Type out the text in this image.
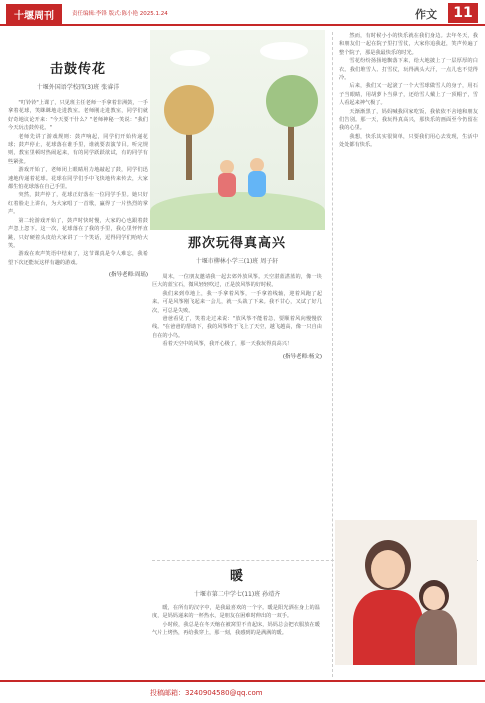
十堰周刊	责任编辑:李锋 版式:陈小艳 2025.1.24	作文	11
击鼓传花
十堰外国语学校四(3)班 张睿洋
"叮铃铃"上课了，只见班主任老师一手拿着非洲鼓，一手拿着花球，笑眯眯地走进教室。老师刚走进教室，同学们就好奇地议论开来："今天要干什么？"老师神秘一笑说："我们今天玩击鼓传花。"
老师先讲了游戏规则：鼓声响起，同学们开始传递花球；鼓声停止，花球落在谁手里，谁就要表演节目。听完规则，教室里顿时热闹起来，有的同学跃跃欲试，有的同学有些紧张。
游戏开始了，老师闭上眼睛用力地敲起了鼓，同学们迅速地传递着花球。花球在同学们手中飞快地传来传去，大家都生怕花球落在自己手里。
突然，鼓声停了，花球正好落在一位同学手里。她只好红着脸走上讲台，为大家唱了一首歌，赢得了一片热烈的掌声。
第二轮游戏开始了，鼓声时快时慢，大家的心也跟着鼓声忽上忽下。这一次，花球落在了我的手里，我心里怦怦直跳，只好硬着头皮给大家讲了一个笑话，逗得同学们哈哈大笑。
游戏在欢声笑语中结束了，这节课真是令人难忘，我希望下次还能玩这样有趣的游戏。
(指导老师:周瑶)
那次玩得真高兴
十堰市柳林小学三(1)班 周子轩
周末，一位朋友邀请我一起去郊外放风筝。天空湛蓝湛蓝的，像一块巨大的蓝宝石，微风轻轻吹过，正是放风筝的好时候。
我们来到草地上，我一手拿着风筝，一手拿着线轴，迎着风跑了起来。可是风筝刚飞起来一会儿，就一头栽了下来。我不甘心，又试了好几次，可总是失败。
爸爸看见了，笑着走过来说："放风筝不能着急，要顺着风向慢慢放线。"在爸爸的帮助下，我的风筝终于飞上了天空，越飞越高，像一只自由自在的小鸟。
看着天空中的风筝，我开心极了，那一天我玩得真高兴！
(指导老师:杨文)
然而，有时候小小的快乐就在我们身边。去年冬天，我和朋友们一起在院子里打雪仗，大家你追我赶，笑声传遍了整个院子，那是我最快乐的时光。
雪花纷纷扬扬地飘落下来，给大地披上了一层厚厚的白衣。我们堆雪人、打雪仗，玩得满头大汗，一点儿也不觉得冷。
后来，我们又一起滚了一个大雪球做雪人的身子，用石子当眼睛，用胡萝卜当鼻子，还给雪人戴上了一顶帽子，雪人看起来神气极了。
天渐渐黑了，妈妈喊我回家吃饭，我依依不舍地和朋友们告别。那一天，我玩得真高兴，那快乐的画面至今仍留在我的心里。
我想，快乐其实很简单，只要我们用心去发现，生活中处处都有快乐。
暖
十堰市第二中学七(11)班 孙靖齐
暖，在所有的汉字中，是我最喜欢的一个字。暖是阳光洒在身上的温度，是妈妈递来的一杯热水，是朋友在困难时伸出的一双手。
小时候，我总是在冬天缩在被窝里不肯起床，妈妈总会把衣服放在暖气片上烤热，再给我穿上，那一刻，我感到的是满满的暖。
投稿邮箱：3240904580@qq.com
